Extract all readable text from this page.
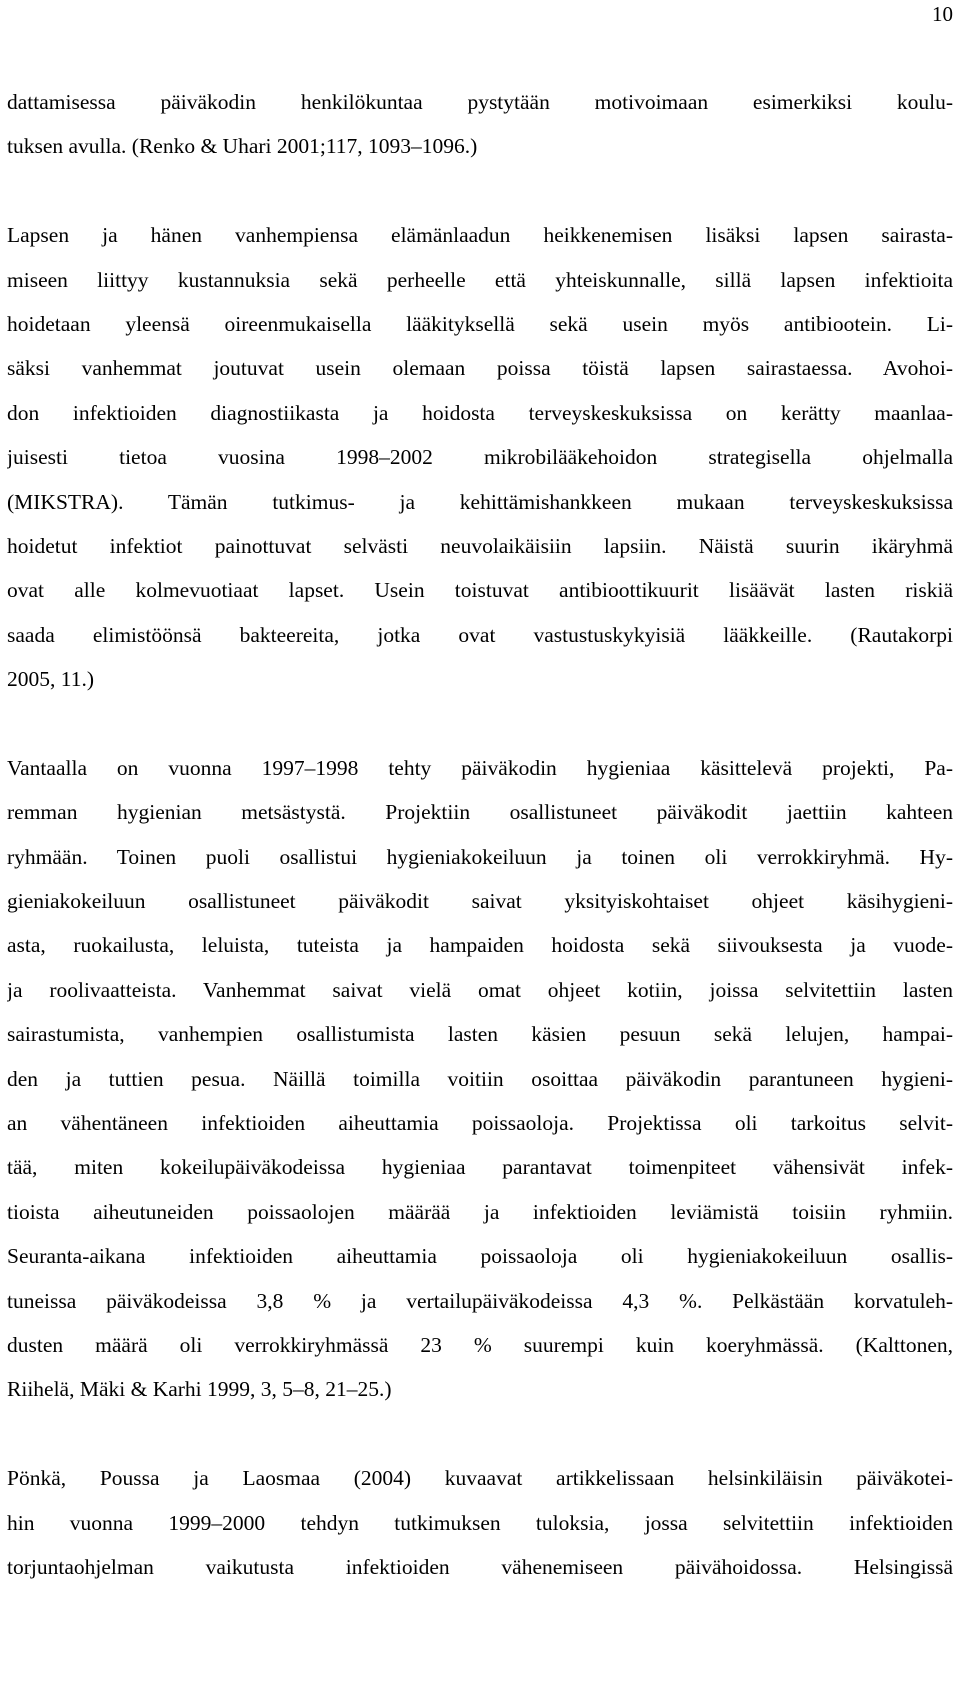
10
dattamisessa päiväkodin henkilökuntaa pystytään motivoimaan esimerkiksi koulu-
tuksen avulla. (Renko & Uhari 2001;117, 1093–1096.)
Lapsen ja hänen vanhempiensa elämänlaadun heikkenemisen lisäksi lapsen sairasta-
miseen liittyy kustannuksia sekä perheelle että yhteiskunnalle, sillä lapsen infektioita
hoidetaan yleensä oireenmukaisella lääkityksellä sekä usein myös antibiootein. Li-
säksi vanhemmat joutuvat usein olemaan poissa töistä lapsen sairastaessa. Avohoi-
don infektioiden diagnostiikasta ja hoidosta terveyskeskuksissa on kerätty maanlaa-
juisesti tietoa vuosina 1998–2002 mikrobilääkehoidon strategisella ohjelmalla
(MIKSTRA). Tämän tutkimus- ja kehittämishankkeen mukaan terveyskeskuksissa
hoidetut infektiot painottuvat selvästi neuvolaikäisiin lapsiin. Näistä suurin ikäryhmä
ovat alle kolmevuotiaat lapset. Usein toistuvat antibioottikuurit lisäävät lasten riskiä
saada elimistöönsä bakteereita, jotka ovat vastustuskykyisiä lääkkeille. (Rautakorpi
2005, 11.)
Vantaalla on vuonna 1997–1998 tehty päiväkodin hygieniaa käsittelevä projekti, Pa-
remman hygienian metsästystä. Projektiin osallistuneet päiväkodit jaettiin kahteen
ryhmään. Toinen puoli osallistui hygieniakokeiluun ja toinen oli verrokkiryhmä. Hy-
gieniakokeiluun osallistuneet päiväkodit saivat yksityiskohtaiset ohjeet käsihygieni-
asta, ruokailusta, leluista, tuteista ja hampaiden hoidosta sekä siivouksesta ja vuode-
ja roolivaatteista. Vanhemmat saivat vielä omat ohjeet kotiin, joissa selvitettiin lasten
sairastumista, vanhempien osallistumista lasten käsien pesuun sekä lelujen, hampai-
den ja tuttien pesua. Näillä toimilla voitiin osoittaa päiväkodin parantuneen hygieni-
an vähentäneen infektioiden aiheuttamia poissaoloja. Projektissa oli tarkoitus selvit-
tää, miten kokeilupäiväkodeissa hygieniaa parantavat toimenpiteet vähensivät infek-
tioista aiheutuneiden poissaolojen määrää ja infektioiden leviämistä toisiin ryhmiin.
Seuranta-aikana infektioiden aiheuttamia poissaoloja oli hygieniakokeiluun osallis-
tuneissa päiväkodeissa 3,8 % ja vertailupäiväkodeissa 4,3 %. Pelkästään korvatuleh-
dusten määrä oli verrokkiryhmässä 23 % suurempi kuin koeryhmässä. (Kalttonen,
Riihelä, Mäki & Karhi 1999, 3, 5–8, 21–25.)
Pönkä, Poussa ja Laosmaa (2004) kuvaavat artikkelissaan helsinkiläisin päiväkotei-
hin vuonna 1999–2000 tehdyn tutkimuksen tuloksia, jossa selvitettiin infektioiden
torjuntaohjelman vaikutusta infektioiden vähenemiseen päivähoidossa. Helsingissä
